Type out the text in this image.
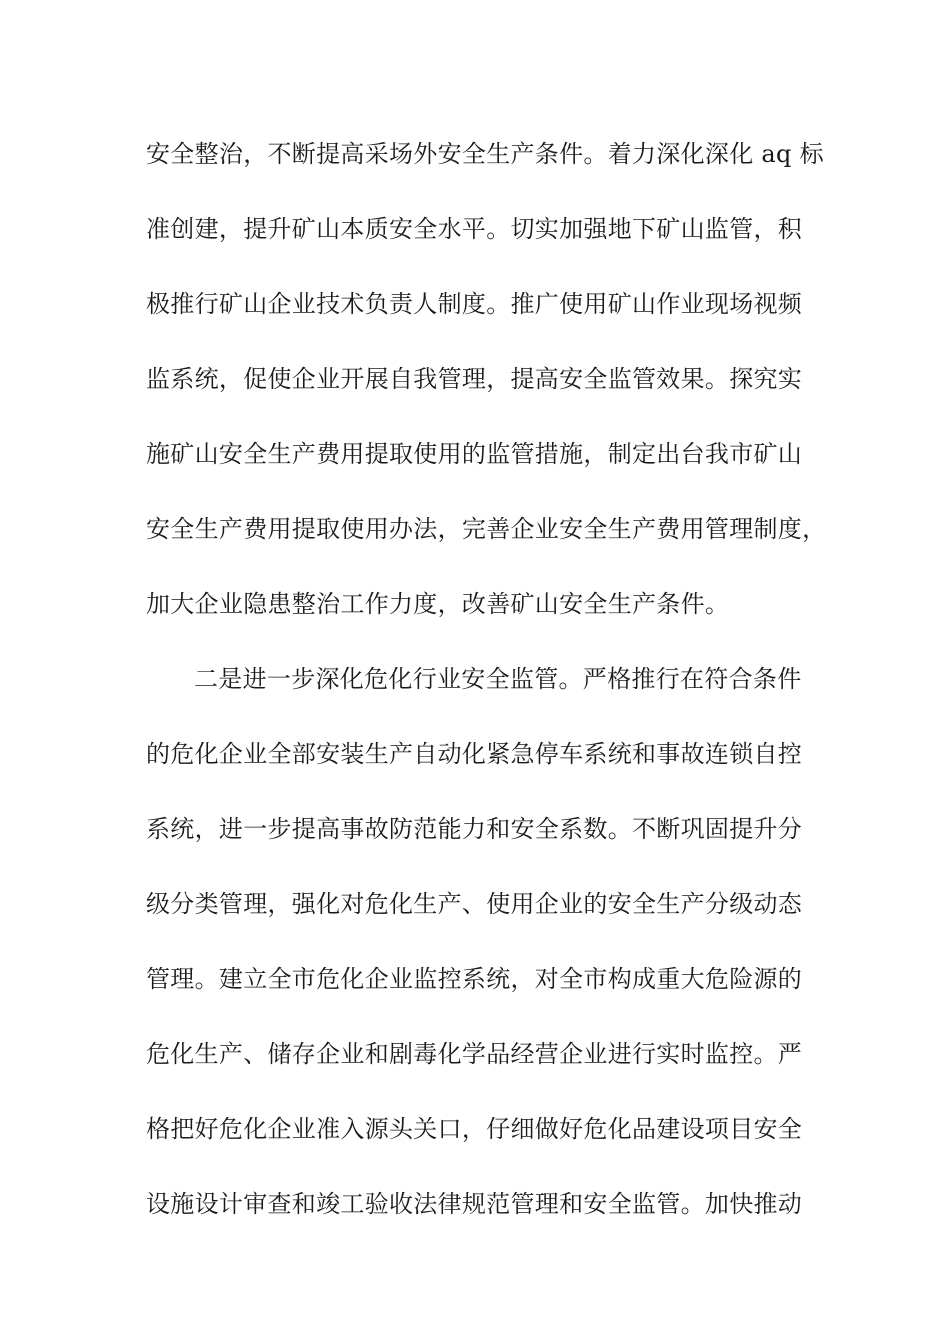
安全整治，不断提高采场外安全生产条件。着力深化深化 aq 标
准创建，提升矿山本质安全水平。切实加强地下矿山监管，积
极推行矿山企业技术负责人制度。推广使用矿山作业现场视频
监系统，促使企业开展自我管理，提高安全监管效果。探究实
施矿山安全生产费用提取使用的监管措施，制定出台我市矿山
安全生产费用提取使用办法，完善企业安全生产费用管理制度，
加大企业隐患整治工作力度，改善矿山安全生产条件。
二是进一步深化危化行业安全监管。严格推行在符合条件
的危化企业全部安装生产自动化紧急停车系统和事故连锁自控
系统，进一步提高事故防范能力和安全系数。不断巩固提升分
级分类管理，强化对危化生产、使用企业的安全生产分级动态
管理。建立全市危化企业监控系统，对全市构成重大危险源的
危化生产、储存企业和剧毒化学品经营企业进行实时监控。严
格把好危化企业准入源头关口，仔细做好危化品建设项目安全
设施设计审查和竣工验收法律规范管理和安全监管。加快推动
